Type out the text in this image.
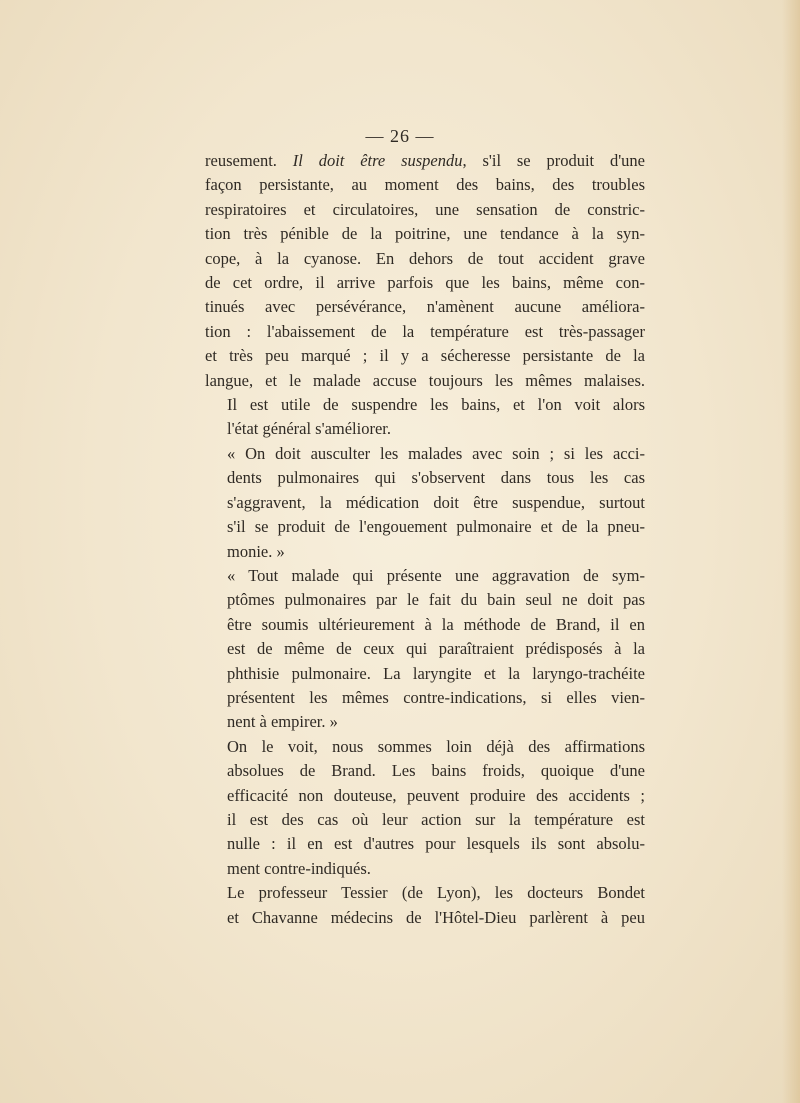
— 26 —

reusement. Il doit être suspendu, s'il se produit d'une
façon persistante, au moment des bains, des troubles
respiratoires et circulatoires, une sensation de constric-
tion très pénible de la poitrine, une tendance à la syn-
cope, à la cyanose. En dehors de tout accident grave
de cet ordre, il arrive parfois que les bains, même con-
tinués avec persévérance, n'amènent aucune améliora-
tion : l'abaissement de la température est très-passager
et très peu marqué ; il y a sécheresse persistante de la
langue, et le malade accuse toujours les mêmes malaises.

Il est utile de suspendre les bains, et l'on voit alors
l'état général s'améliorer.

« On doit ausculter les malades avec soin ; si les acci-
dents pulmonaires qui s'observent dans tous les cas
s'aggravent, la médication doit être suspendue, surtout
s'il se produit de l'engouement pulmonaire et de la pneu-
monie. »

« Tout malade qui présente une aggravation de sym-
ptômes pulmonaires par le fait du bain seul ne doit pas
être soumis ultérieurement à la méthode de Brand, il en
est de même de ceux qui paraîtraient prédisposés à la
phthisie pulmonaire. La laryngite et la laryngo-trachéite
présentent les mêmes contre-indications, si elles vien-
nent à empirer. »

On le voit, nous sommes loin déjà des affirmations
absolues de Brand. Les bains froids, quoique d'une
efficacité non douteuse, peuvent produire des accidents ;
il est des cas où leur action sur la température est
nulle : il en est d'autres pour lesquels ils sont absolu-
ment contre-indiqués.

Le professeur Tessier (de Lyon), les docteurs Bondet
et Chavanne médecins de l'Hôtel-Dieu parlèrent à peu
